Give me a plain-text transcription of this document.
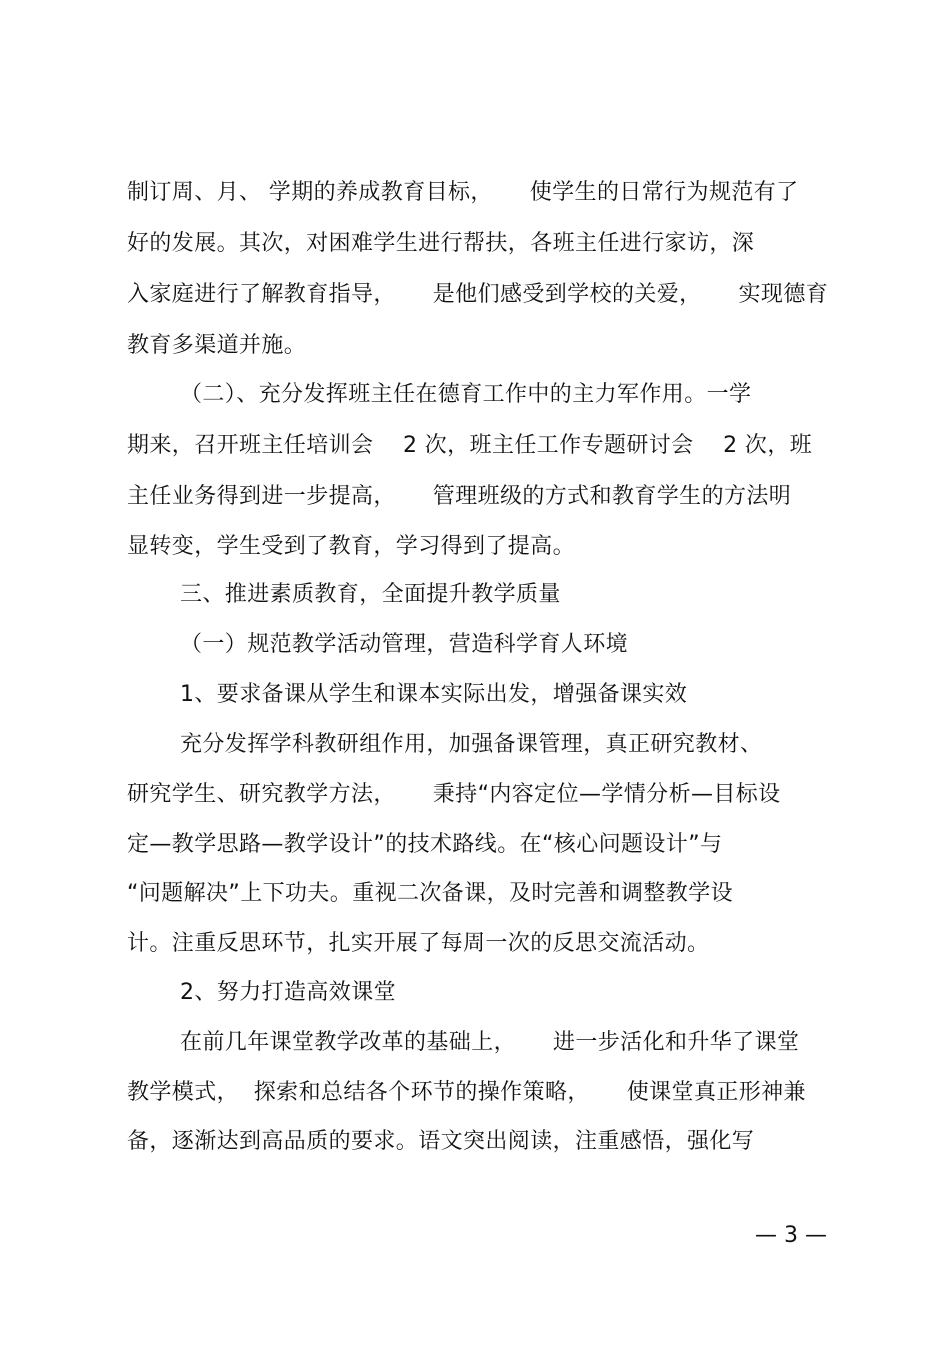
制订周、月、 学期的养成教育目标，     使学生的日常行为规范有了
好的发展。其次，对困难学生进行帮扶，各班主任进行家访，深
入家庭进行了解教育指导，     是他们感受到学校的关爱，     实现德育
教育多渠道并施。
（二）、充分发挥班主任在德育工作中的主力军作用。一学
期来，召开班主任培训会    2 次，班主任工作专题研讨会    2 次，班
主任业务得到进一步提高，     管理班级的方式和教育学生的方法明
显转变，学生受到了教育，学习得到了提高。
三、推进素质教育，全面提升教学质量
（一）规范教学活动管理，营造科学育人环境
1、要求备课从学生和课本实际出发，增强备课实效
充分发挥学科教研组作用，加强备课管理，真正研究教材、
研究学生、研究教学方法，     秉持“内容定位—学情分析—目标设
定—教学思路—教学设计”的技术路线。在“核心问题设计”与
“问题解决”上下功夫。重视二次备课，及时完善和调整教学设
计。注重反思环节，扎实开展了每周一次的反思交流活动。
2、努力打造高效课堂
在前几年课堂教学改革的基础上，     进一步活化和升华了课堂
教学模式，  探索和总结各个环节的操作策略，     使课堂真正形神兼
备，逐渐达到高品质的要求。语文突出阅读，注重感悟，强化写
— 3 —
